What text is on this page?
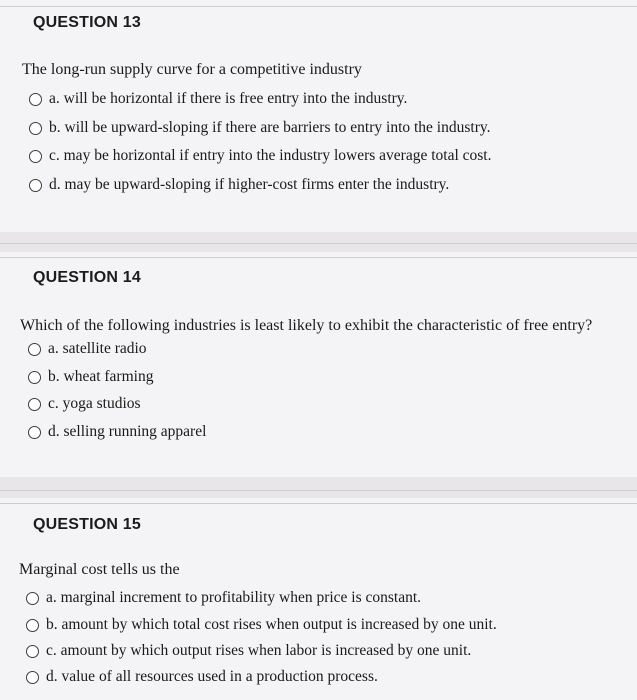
QUESTION 13
The long-run supply curve for a competitive industry
a. will be horizontal if there is free entry into the industry.
b. will be upward-sloping if there are barriers to entry into the industry.
c. may be horizontal if entry into the industry lowers average total cost.
d. may be upward-sloping if higher-cost firms enter the industry.
QUESTION 14
Which of the following industries is least likely to exhibit the characteristic of free entry?
a. satellite radio
b. wheat farming
c. yoga studios
d. selling running apparel
QUESTION 15
Marginal cost tells us the
a. marginal increment to profitability when price is constant.
b. amount by which total cost rises when output is increased by one unit.
c. amount by which output rises when labor is increased by one unit.
d. value of all resources used in a production process.
